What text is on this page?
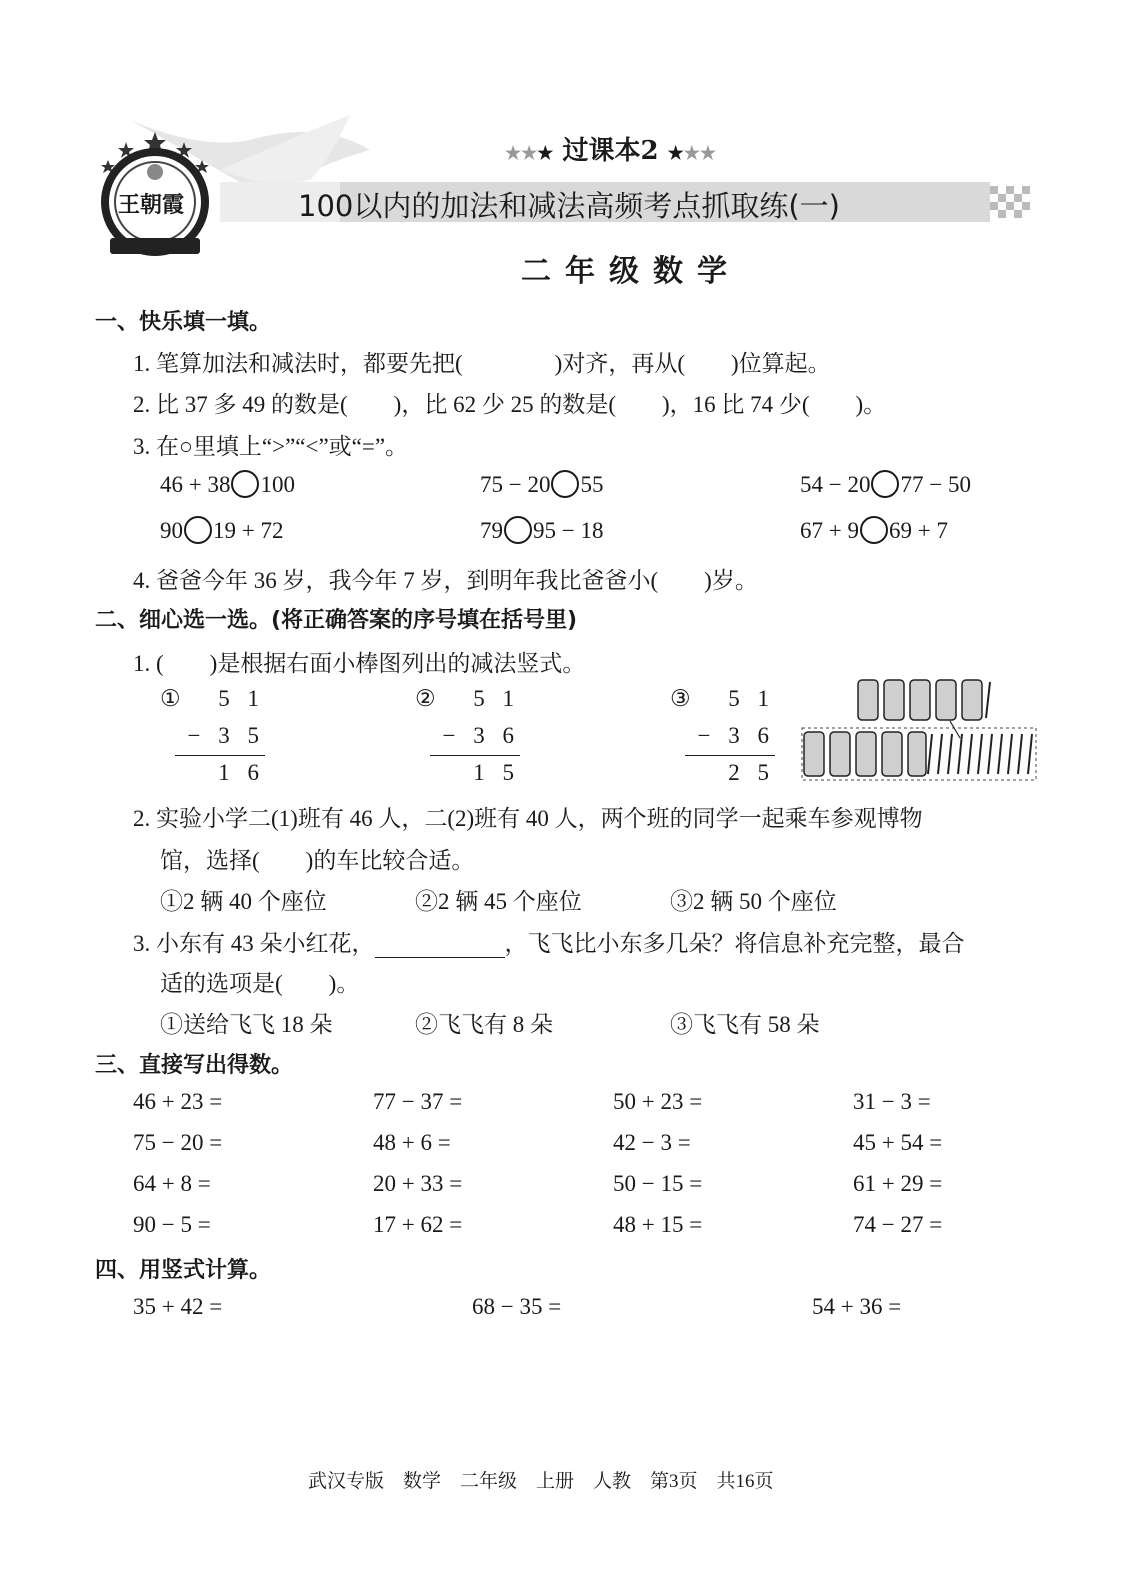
王朝霞
★★★ 过课本2 ★★★
100以内的加法和减法高频考点抓取练(一)
二年级数学
一、快乐填一填。
1. 笔算加法和减法时，都要先把(　　　　)对齐，再从(　　)位算起。
2. 比 37 多 49 的数是(　　)，比 62 少 25 的数是(　　)，16 比 74 少(　　)。
3. 在○里填上“>”“<”或“=”。
46 + 38 100	75 − 20 55	54 − 20 77 − 50
90 19 + 72	79 95 − 18	67 + 9 69 + 7
4. 爸爸今年 36 岁，我今年 7 岁，到明年我比爸爸小(　　)岁。
二、细心选一选。(将正确答案的序号填在括号里)
1. (　　)是根据右面小棒图列出的减法竖式。
①	5 1
− 3 5
1 6
②	5 1
− 3 6
1 5
③	5 1
− 3 6
2 5
2. 实验小学二(1)班有 46 人，二(2)班有 40 人，两个班的同学一起乘车参观博物
馆，选择(　　)的车比较合适。
①2 辆 40 个座位	②2 辆 45 个座位	③2 辆 50 个座位
3. 小东有 43 朵小红花，	，飞飞比小东多几朵？将信息补充完整，最合
适的选项是(　　)。
①送给飞飞 18 朵	②飞飞有 8 朵	③飞飞有 58 朵
三、直接写出得数。
46 + 23 =	77 − 37 =	50 + 23 =	31 − 3 =
75 − 20 =	48 + 6 =	42 − 3 =	45 + 54 =
64 + 8 =	20 + 33 =	50 − 15 =	61 + 29 =
90 − 5 =	17 + 62 =	48 + 15 =	74 − 27 =
四、用竖式计算。
35 + 42 =	68 − 35 =	54 + 36 =
武汉专版　数学　二年级　上册　人教　第3页　共16页
